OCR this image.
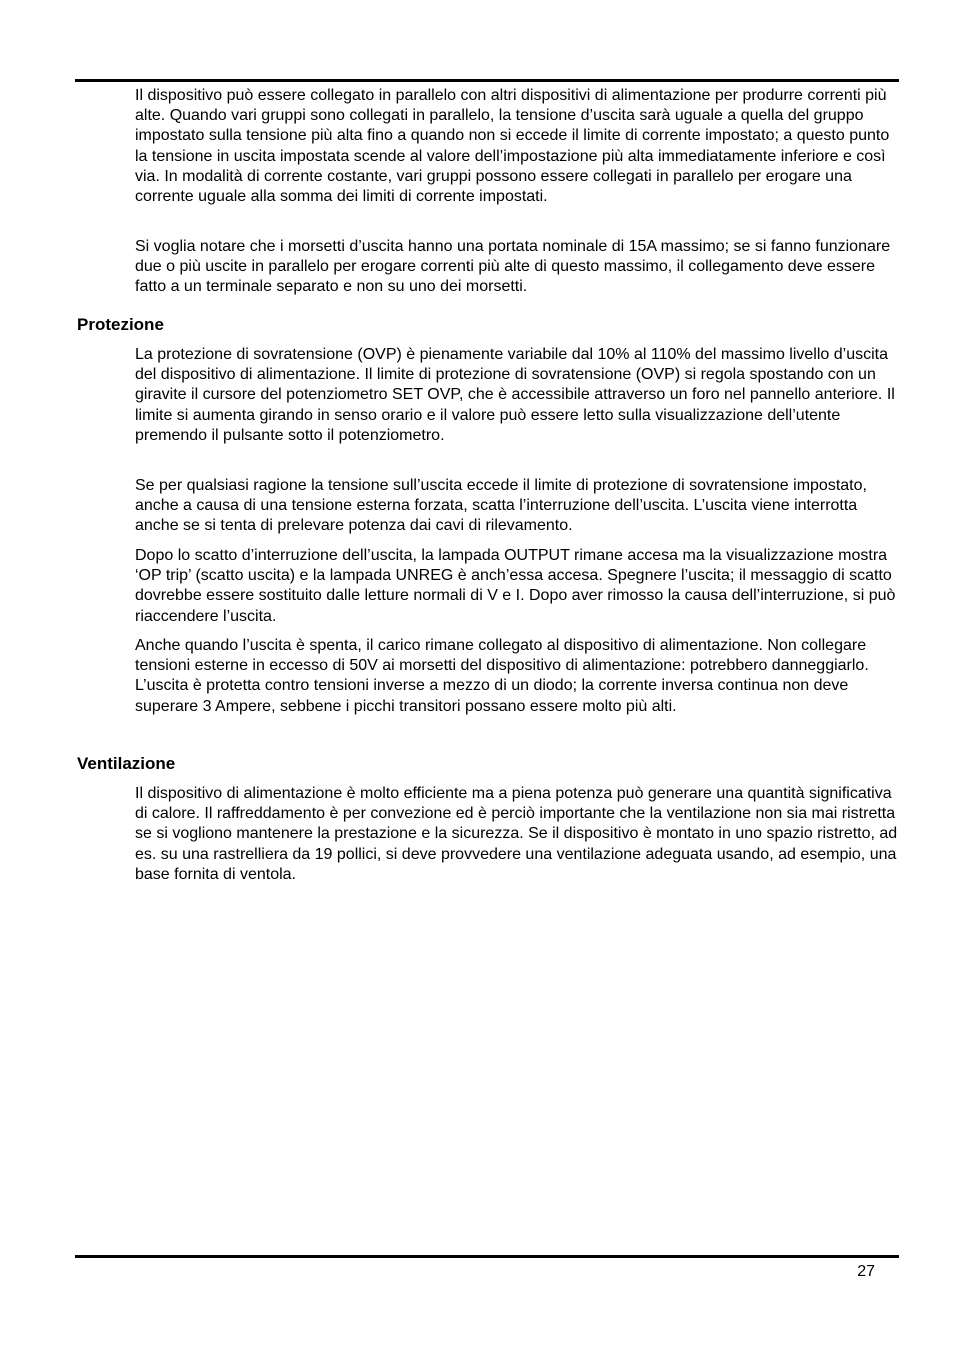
Il dispositivo può essere collegato in parallelo con altri dispositivi di alimentazione per produrre correnti più alte. Quando vari gruppi sono collegati in parallelo, la tensione d’uscita sarà uguale a quella del gruppo impostato sulla tensione più alta fino a quando non si eccede il limite di corrente impostato; a questo punto la tensione in uscita impostata scende al valore dell’impostazione più alta immediatamente inferiore e così via. In modalità di corrente costante, vari gruppi possono essere collegati in parallelo per erogare una corrente uguale alla somma dei limiti di corrente impostati.

Si voglia notare che i morsetti d’uscita hanno una portata nominale di 15A massimo; se si fanno funzionare due o più uscite in parallelo per erogare correnti più alte di questo massimo, il collegamento deve essere fatto a un terminale separato e non su uno dei morsetti.

Protezione

La protezione di sovratensione (OVP) è pienamente variabile dal 10% al 110% del massimo livello d’uscita del dispositivo di alimentazione. Il limite di protezione di sovratensione (OVP) si regola spostando con un giravite il cursore del potenziometro SET OVP, che è accessibile attraverso un foro nel pannello anteriore. Il limite si aumenta girando in senso orario e il valore può essere letto sulla visualizzazione dell’utente premendo il pulsante sotto il potenziometro.

Se per qualsiasi ragione la tensione sull’uscita eccede il limite di protezione di sovratensione impostato, anche a causa di una tensione esterna forzata, scatta l’interruzione dell’uscita. L’uscita viene interrotta anche se si tenta di prelevare potenza dai cavi di rilevamento.

Dopo lo scatto d’interruzione dell’uscita, la lampada OUTPUT rimane accesa ma la visualizzazione mostra ‘OP trip’ (scatto uscita) e la lampada UNREG è anch’essa accesa. Spegnere l’uscita; il messaggio di scatto dovrebbe essere sostituito dalle letture normali di V e I. Dopo aver rimosso la causa dell’interruzione, si può riaccendere l’uscita.

Anche quando l’uscita è spenta, il carico rimane collegato al dispositivo di alimentazione. Non collegare tensioni esterne in eccesso di 50V ai morsetti del dispositivo di alimentazione: potrebbero danneggiarlo. L’uscita è protetta contro tensioni inverse a mezzo di un diodo; la corrente inversa continua non deve superare 3 Ampere, sebbene i picchi transitori possano essere molto più alti.

Ventilazione

Il dispositivo di alimentazione è molto efficiente ma a piena potenza può generare una quantità significativa di calore. Il raffreddamento è per convezione ed è perciò importante che la ventilazione non sia mai ristretta se si vogliono mantenere la prestazione e la sicurezza. Se il dispositivo è montato in uno spazio ristretto, ad es. su una rastrelliera da 19 pollici, si deve provvedere una ventilazione adeguata usando, ad esempio, una base fornita di ventola.

27
